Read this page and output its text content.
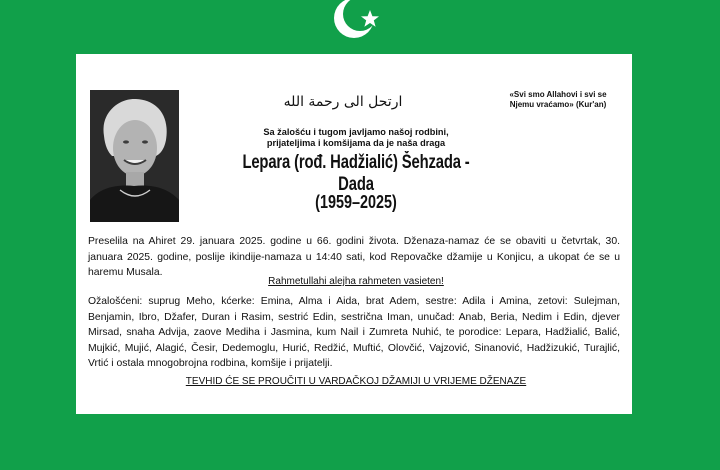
ارتحل الى رحمة الله	«Svi smo Allahovi i svi se
Njemu vraćamo» (Kur'an)
Sa žalošću i tugom javljamo našoj rodbini,
prijateljima i komšijama da je naša draga
Lepara (rođ. Hadžialić) Šehzada - Dada
(1959–2025)
Preselila na Ahiret 29. januara 2025. godine u 66. godini života. Dženaza-namaz će se obaviti u četvrtak, 30. januara 2025. godine, poslije ikindije-namaza u 14:40 sati, kod Repovačke džamije u Konjicu, a ukopat će se u haremu Musala.
Rahmetullahi alejha rahmeten vasieten!
Ožalošćeni: suprug Meho, kćerke: Emina, Alma i Aida, brat Adem, sestre: Adila i Amina, zetovi: Sulejman, Benjamin, Ibro, Džafer, Duran i Rasim, sestrić Edin, sestrična Iman, unučad: Anab, Beria, Nedim i Edin, djever Mirsad, snaha Advija, zaove Mediha i Jasmina, kum Nail i Zumreta Nuhić, te porodice: Lepara, Hadžialić, Balić, Mujkić, Mujić, Alagić, Česir, Dedemoglu, Hurić, Redžić, Muftić, Olovčić, Vajzović, Sinanović, Hadžizukić, Turajlić, Vrtić i ostala mnogobrojna rodbina, komšije i prijatelji.
TEVHID ĆE SE PROUČITI U VARDAČKOJ DŽAMIJI U VRIJEME DŽENAZE
